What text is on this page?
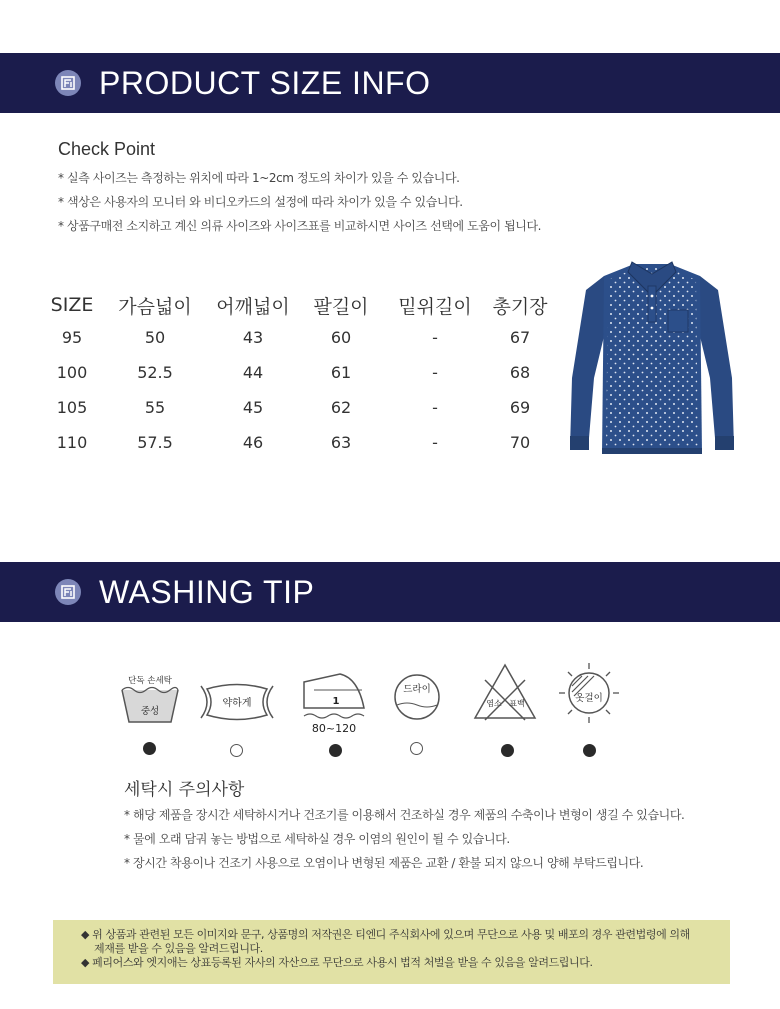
PRODUCT SIZE INFO
Check Point
* 실측 사이즈는 측정하는 위치에 따라 1~2cm 정도의 차이가 있을 수 있습니다.
* 색상은 사용자의 모니터 와 비디오카드의 설정에 따라 차이가 있을 수 있습니다.
* 상품구매전 소지하고 계신 의류 사이즈와 사이즈표를 비교하시면 사이즈 선택에 도움이 됩니다.
SIZE	가슴넓이	어깨넓이	팔길이	밑위길이	총기장
95	50	43	60	-	67
100	52.5	44	61	-	68
105	55	45	62	-	69
110	57.5	46	63	-	70
WASHING TIP
단독 손세탁
중성
약하게	1
80~120
드라이
염소 표백	옷걸이
세탁시 주의사항
* 해당 제품을 장시간 세탁하시거나 건조기를 이용해서 건조하실 경우 제품의 수축이나 변형이 생길 수 있습니다.
* 물에 오래 담궈 놓는 방법으로 세탁하실 경우 이염의 원인이 될 수 있습니다.
* 장시간 착용이나 건조기 사용으로 오염이나 변형된 제품은 교환 / 환불 되지 않으니 양해 부탁드립니다.

◆ 위 상품과 관련된 모든 이미지와 문구, 상품명의 저작권은 티엔디 주식회사에 있으며 무단으로 사용 및 배포의 경우 관련법령에 의해

제재를 받을 수 있음을 알려드립니다.

◆ 페리어스와 엣지애는 상표등록된 자사의 자산으로 무단으로 사용시 법적 처벌을 받을 수 있음을 알려드립니다.
